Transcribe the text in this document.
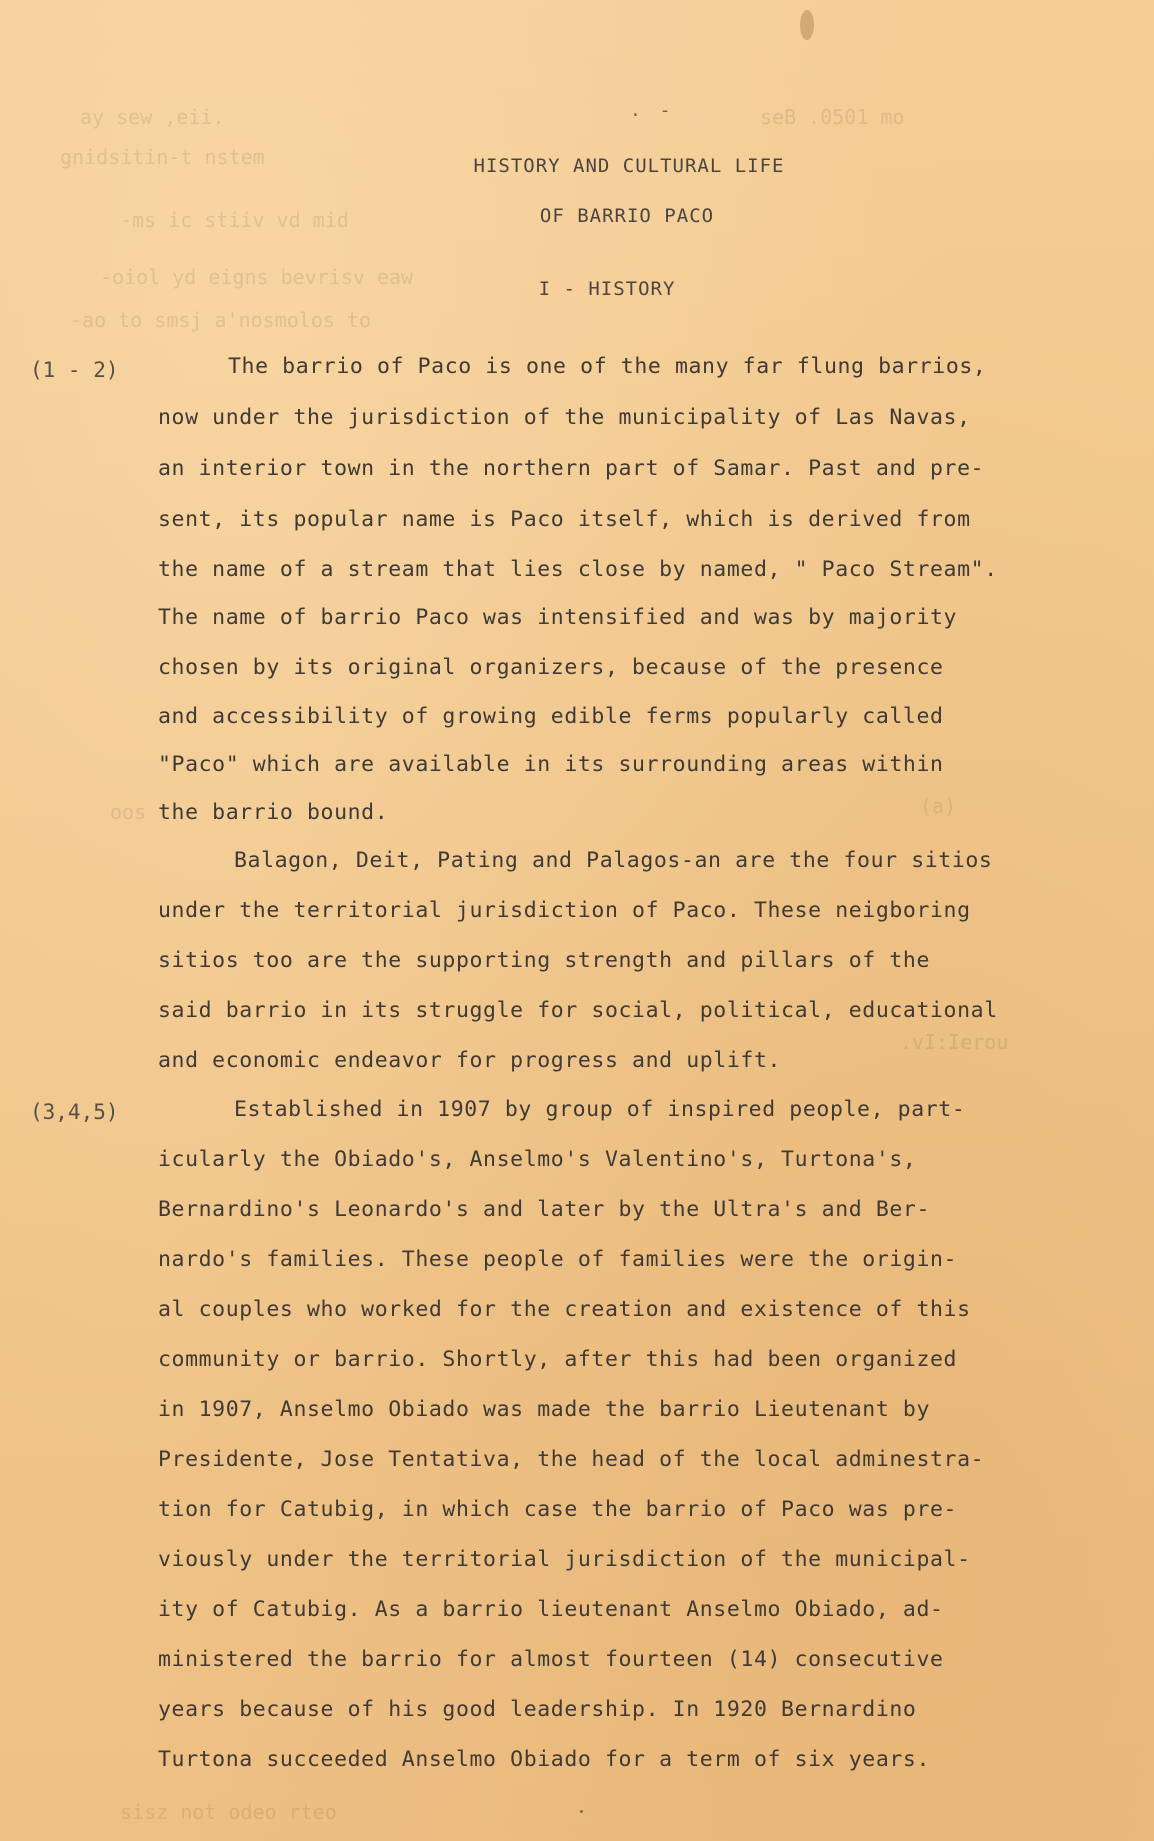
ay sew ,eii.	seB .0501 mo
gnidsitin-t nstem
-ms ic stiiv vd mid
-oiol yd eigns bevrisv eaw
-ao to smsj a'nosmolos to
oos	(a)
.vI:Ierou
sisz not odeo rteo
. -
HISTORY AND CULTURAL LIFE
OF BARRIO PACO
I - HISTORY
(1 - 2)
(3,4,5)
The barrio of Paco is one of the many far flung barrios,
now under the jurisdiction of the municipality of Las Navas,
an interior town in the northern part of Samar. Past and pre-
sent, its popular name is Paco itself, which is derived from
the name of a stream that lies close by named, " Paco Stream".
The name of barrio Paco was intensified and was by majority
chosen by its original organizers, because of the presence
and accessibility of growing edible ferms popularly called
"Paco" which are available in its surrounding areas within
the barrio bound.
Balagon, Deit, Pating and Palagos-an are the four sitios
under the territorial jurisdiction of Paco. These neigboring
sitios too are the supporting strength and pillars of the
said barrio in its struggle for social, political, educational
and economic endeavor for progress and uplift.
Established in 1907 by group of inspired people, part-
icularly the Obiado's, Anselmo's Valentino's, Turtona's,
Bernardino's Leonardo's and later by the Ultra's and Ber-
nardo's families. These people of families were the origin-
al couples who worked for the creation and existence of this
community or barrio. Shortly, after this had been organized
in 1907, Anselmo Obiado was made the barrio Lieutenant by
Presidente, Jose Tentativa, the head of the local adminestra-
tion for Catubig, in which case the barrio of Paco was pre-
viously under the territorial jurisdiction of the municipal-
ity of Catubig. As a barrio lieutenant Anselmo Obiado, ad-
ministered the barrio for almost fourteen (14) consecutive
years because of his good leadership. In 1920 Bernardino
Turtona succeeded Anselmo Obiado for a term of six years.
